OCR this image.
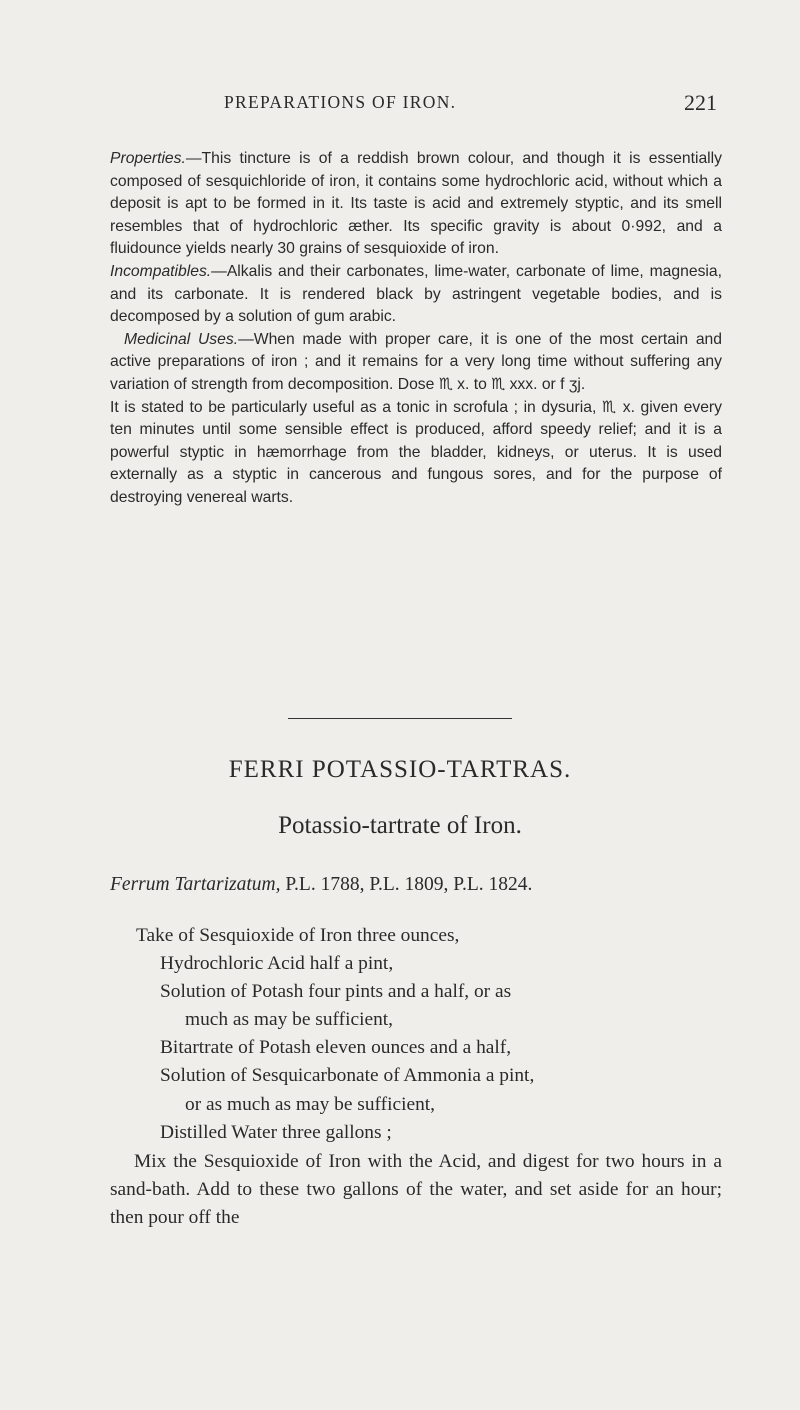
PREPARATIONS OF IRON.	221

Properties.—This tincture is of a reddish brown colour, and though it is essentially composed of sesquichloride of iron, it contains some hydrochloric acid, without which a deposit is apt to be formed in it. Its taste is acid and extremely styptic, and its smell resembles that of hydrochloric æther. Its specific gravity is about 0·992, and a fluidounce yields nearly 30 grains of sesquioxide of iron.

Incompatibles.—Alkalis and their carbonates, lime-water, carbonate of lime, magnesia, and its carbonate. It is rendered black by astringent vegetable bodies, and is decomposed by a solution of gum arabic.

Medicinal Uses.—When made with proper care, it is one of the most certain and active preparations of iron ; and it remains for a very long time without suffering any variation of strength from decomposition. Dose ♏ x. to ♏ xxx. or f ʒj.

It is stated to be particularly useful as a tonic in scrofula ; in dysuria, ♏ x. given every ten minutes until some sensible effect is produced, afford speedy relief; and it is a powerful styptic in hæmorrhage from the bladder, kidneys, or uterus. It is used externally as a styptic in cancerous and fungous sores, and for the purpose of destroying venereal warts.

FERRI POTASSIO-TARTRAS.
Potassio-tartrate of Iron.
Ferrum Tartarizatum, P.L. 1788, P.L. 1809, P.L. 1824.

Take of Sesquioxide of Iron three ounces,

Hydrochloric Acid half a pint,

Solution of Potash four pints and a half, or as

much as may be sufficient,

Bitartrate of Potash eleven ounces and a half,

Solution of Sesquicarbonate of Ammonia a pint,

or as much as may be sufficient,

Distilled Water three gallons ;

Mix the Sesquioxide of Iron with the Acid, and digest for two hours in a sand-bath. Add to these two gallons of the water, and set aside for an hour; then pour off the
